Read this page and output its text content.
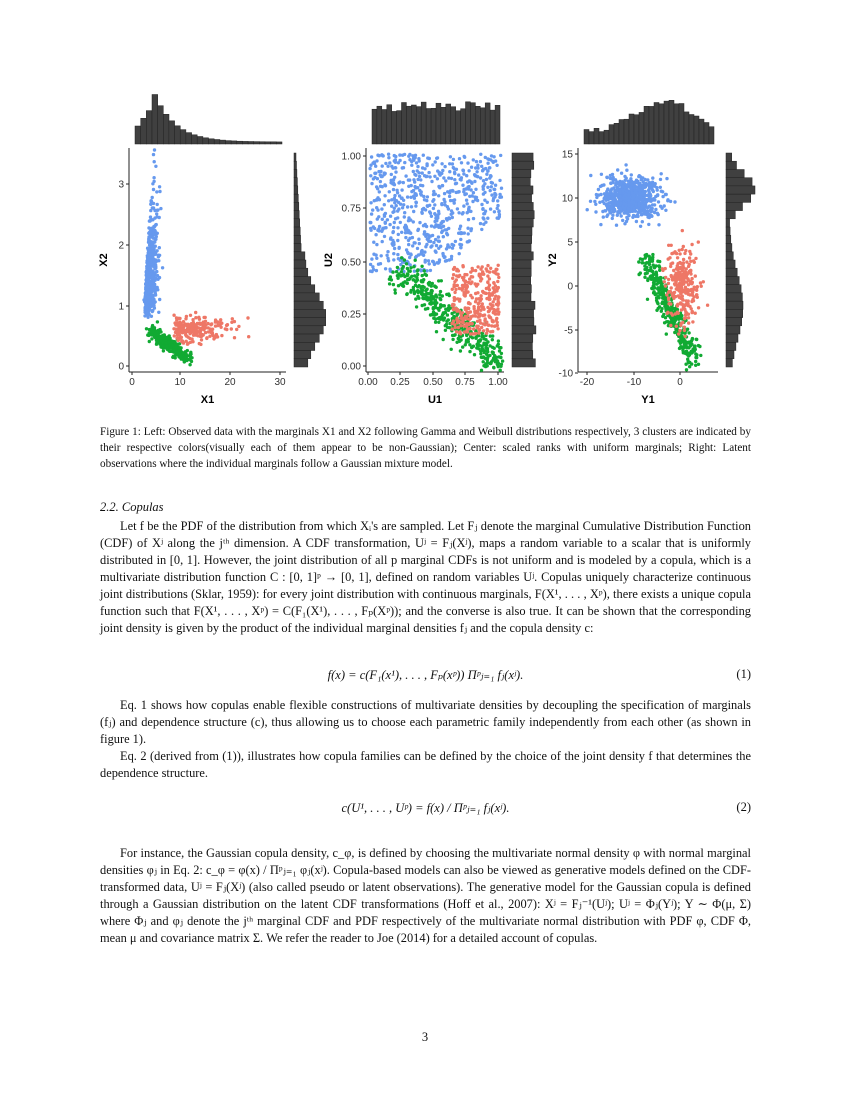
0	10	20	30
0
1
2
3
X1
X2
0.00 0.25 0.50 0.75 1.00
0.00
0.25
0.50
0.75
1.00
U1
U2
-20	-10	0
-10
-5
0
5
10
15
Y1
Y2
Figure 1: Left: Observed data with the marginals X1 and X2 following Gamma and Weibull distributions respectively, 3 clusters are indicated by their respective colors(visually each of them appear to be non-Gaussian); Center: scaled ranks with uniform marginals; Right: Latent observations where the individual marginals follow a Gaussian mixture model.
2.2. Copulas

Let f be the PDF of the distribution from which Xᵢ's are sampled. Let Fⱼ denote the marginal Cumulative Distribution Function (CDF) of Xʲ along the jᵗʰ dimension. A CDF transformation, Uʲ = Fⱼ(Xʲ), maps a random variable to a scalar that is uniformly distributed in [0, 1]. However, the joint distribution of all p marginal CDFs is not uniform and is modeled by a copula, which is a multivariate distribution function C : [0, 1]ᵖ → [0, 1], defined on random variables Uʲ. Copulas uniquely characterize continuous joint distributions (Sklar, 1959): for every joint distribution with continuous marginals, F(X¹, . . . , Xᵖ), there exists a unique copula function such that F(X¹, . . . , Xᵖ) = C(F₁(X¹), . . . , Fₚ(Xᵖ)); and the converse is also true. It can be shown that the corresponding joint density is given by the product of the individual marginal densities fⱼ and the copula density c:

f(x) = c(F₁(x¹), . . . , Fₚ(xᵖ)) Πᵖⱼ₌₁ fⱼ(xʲ).	(1)

Eq. 1 shows how copulas enable flexible constructions of multivariate densities by decoupling the specification of marginals (fⱼ) and dependence structure (c), thus allowing us to choose each parametric family independently from each other (as shown in figure 1).

Eq. 2 (derived from (1)), illustrates how copula families can be defined by the choice of the joint density f that determines the dependence structure.

c(U¹, . . . , Uᵖ) = f(x) / Πᵖⱼ₌₁ fⱼ(xʲ).	(2)

For instance, the Gaussian copula density, c_φ, is defined by choosing the multivariate normal density φ with normal marginal densities φⱼ in Eq. 2: c_φ = φ(x) / Πᵖⱼ₌₁ φⱼ(xʲ). Copula-based models can also be viewed as generative models defined on the CDF-transformed data, Uʲ = Fⱼ(Xʲ) (also called pseudo or latent observations). The generative model for the Gaussian copula is defined through a Gaussian distribution on the latent CDF transformations (Hoff et al., 2007): Xʲ = Fⱼ⁻¹(Uʲ); Uʲ = Φⱼ(Yʲ); Y ∼ Φ(μ, Σ) where Φⱼ and φⱼ denote the jᵗʰ marginal CDF and PDF respectively of the multivariate normal distribution with PDF φ, CDF Φ, mean μ and covariance matrix Σ. We refer the reader to Joe (2014) for a detailed account of copulas.

3
